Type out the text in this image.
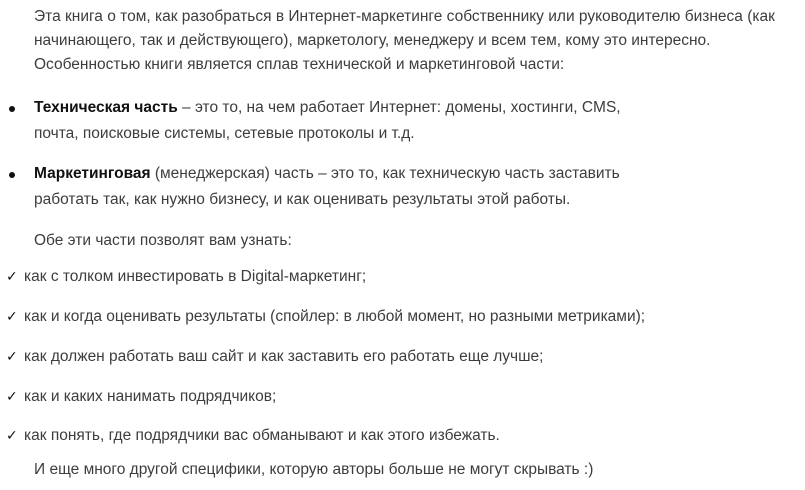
Эта книга о том, как разобраться в Интернет-маркетинге собственнику или руководителю бизнеса (как
начинающего, так и действующего), маркетологу, менеджеру и всем тем, кому это интересно.
Особенностью книги является сплав технической и маркетинговой части:
Техническая часть – это то, на чем работает Интернет: домены, хостинги, CMS,
почта, поисковые системы, сетевые протоколы и т.д.
Маркетинговая (менеджерская) часть – это то, как техническую часть заставить
работать так, как нужно бизнесу, и как оценивать результаты этой работы.
Обе эти части позволят вам узнать:
✓ как с толком инвестировать в Digital-маркетинг;
✓ как и когда оценивать результаты (спойлер: в любой момент, но разными метриками);
✓ как должен работать ваш сайт и как заставить его работать еще лучше;
✓ как и каких нанимать подрядчиков;
✓ как понять, где подрядчики вас обманывают и как этого избежать.
И еще много другой специфики, которую авторы больше не могут скрывать :)
